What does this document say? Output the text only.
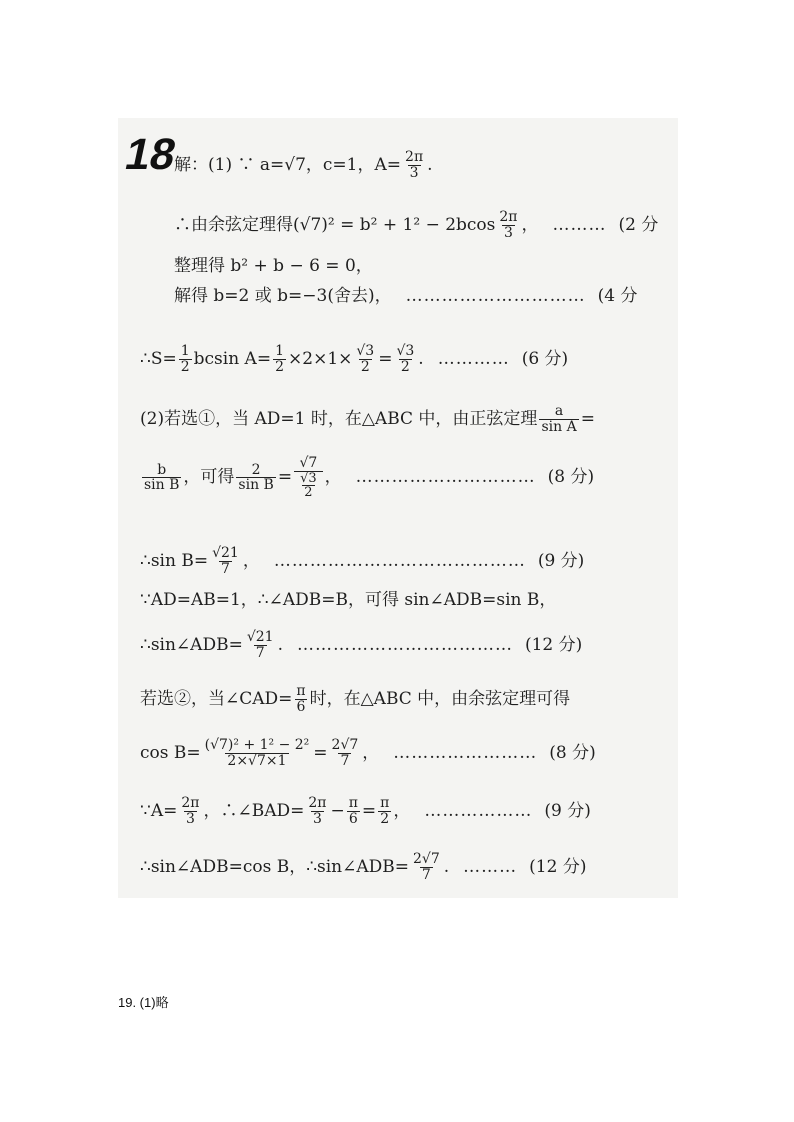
解：(1) ∵ a=√7，c=1，$A= \frac{2\pi}{3}$ .
∴由余弦定理得$(√7)^2 = b^2 + 1^2 - 2bcos \frac{2\pi}{3}$ ， ……… (2 分
整理得 b² + b − 6 = 0，
解得 b=2 或 b=−3(舍去)， ………………………… (4 分
∴S= $\frac{1}{2}$ bcsin $A= \frac{1}{2} \times 2\times 1\times \frac{√3}{2} = \frac{√3}{2}$ . ………… (6 分)
(2)若选①，当 AD=1 时，在△ABC 中，由正弦定理 $\frac{a}{\text{sin A}}$ =
$\frac{b}{\text{sin B}}$ ，可得 $\frac{2}{\text{sin B}} = \frac{√7}{\frac{√3}{2}}$ ， ………………………… (8 分)
∴sin $B= \frac{√21}{7}$ ， …………………………………… (9 分)
∵AD=AB=1，∴∠ADB=B，可得 sin∠ADB=sin B，
∴sin∠ADB= $\frac{√21}{7}$ . ……………………………… (12 分)
若选②，当∠CAD= $\frac{\pi}{6}$ 时，在△ABC 中，由余弦定理可得
$\cos B= \frac{\text{(√7)² + 1² − 2²}}{2\times√7\times 1} = \frac{2√7}{7}$ ， …………………… (8 分)
∵A= $\frac{2\pi}{3}$ ，∴∠BAD= $\frac{2\pi}{3} - \frac{\pi}{6} = \frac{\pi}{2}$ ， ……………… (9 分)
∴sin∠ADB=cos B，∴sin∠ADB= $\frac{2√7}{7}$ . ……… (12 分)
18
19. (1)略
